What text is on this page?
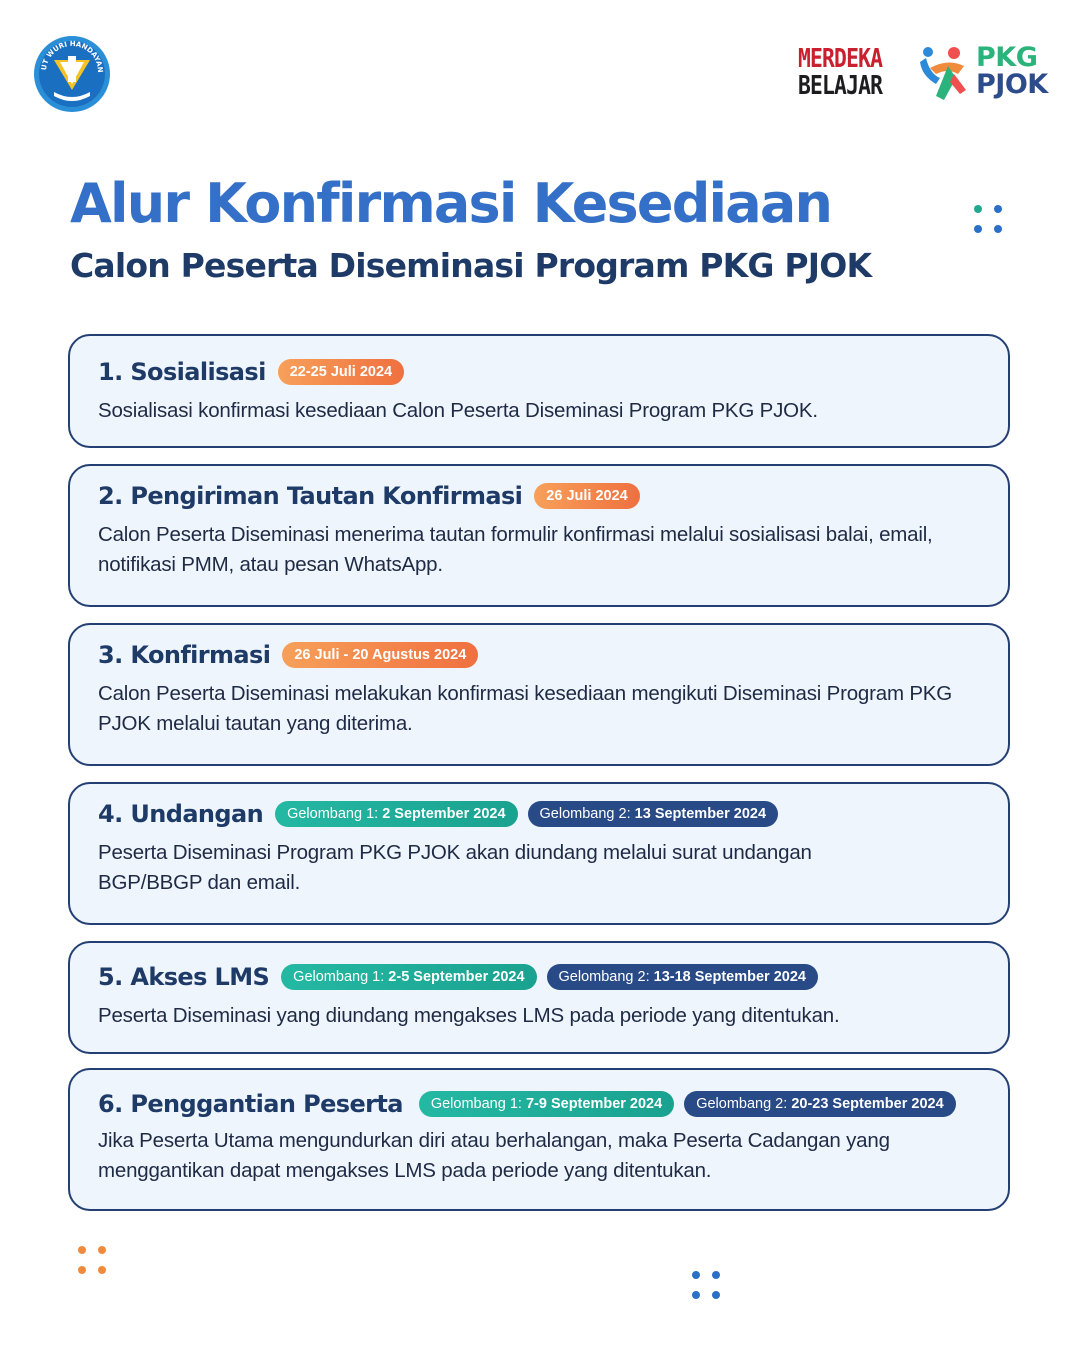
UT WURI HANDAYAN	MERDEKA
BELAJAR
PKG
PJOK
Alur Konfirmasi Kesediaan
Calon Peserta Diseminasi Program PKG PJOK
1. Sosialisasi	22-25 Juli 2024
Sosialisasi konfirmasi kesediaan Calon Peserta Diseminasi Program PKG PJOK.
2. Pengiriman Tautan Konfirmasi	26 Juli 2024
Calon Peserta Diseminasi menerima tautan formulir konfirmasi melalui sosialisasi balai, email, notifikasi PMM, atau pesan WhatsApp.
3. Konfirmasi	26 Juli - 20 Agustus 2024
Calon Peserta Diseminasi melakukan konfirmasi kesediaan mengikuti Diseminasi Program PKG PJOK melalui tautan yang diterima.
4. Undangan	Gelombang 1: 2 September 2024	Gelombang 2: 13 September 2024
Peserta Diseminasi Program PKG PJOK akan diundang melalui surat undangan BGP/BBGP dan email.
5. Akses LMS	Gelombang 1: 2-5 September 2024	Gelombang 2: 13-18 September 2024
Peserta Diseminasi yang diundang mengakses LMS pada periode yang ditentukan.
6. Penggantian Peserta	Gelombang 1: 7-9 September 2024	Gelombang 2: 20-23 September 2024
Jika Peserta Utama mengundurkan diri atau berhalangan, maka Peserta Cadangan yang menggantikan dapat mengakses LMS pada periode yang ditentukan.
